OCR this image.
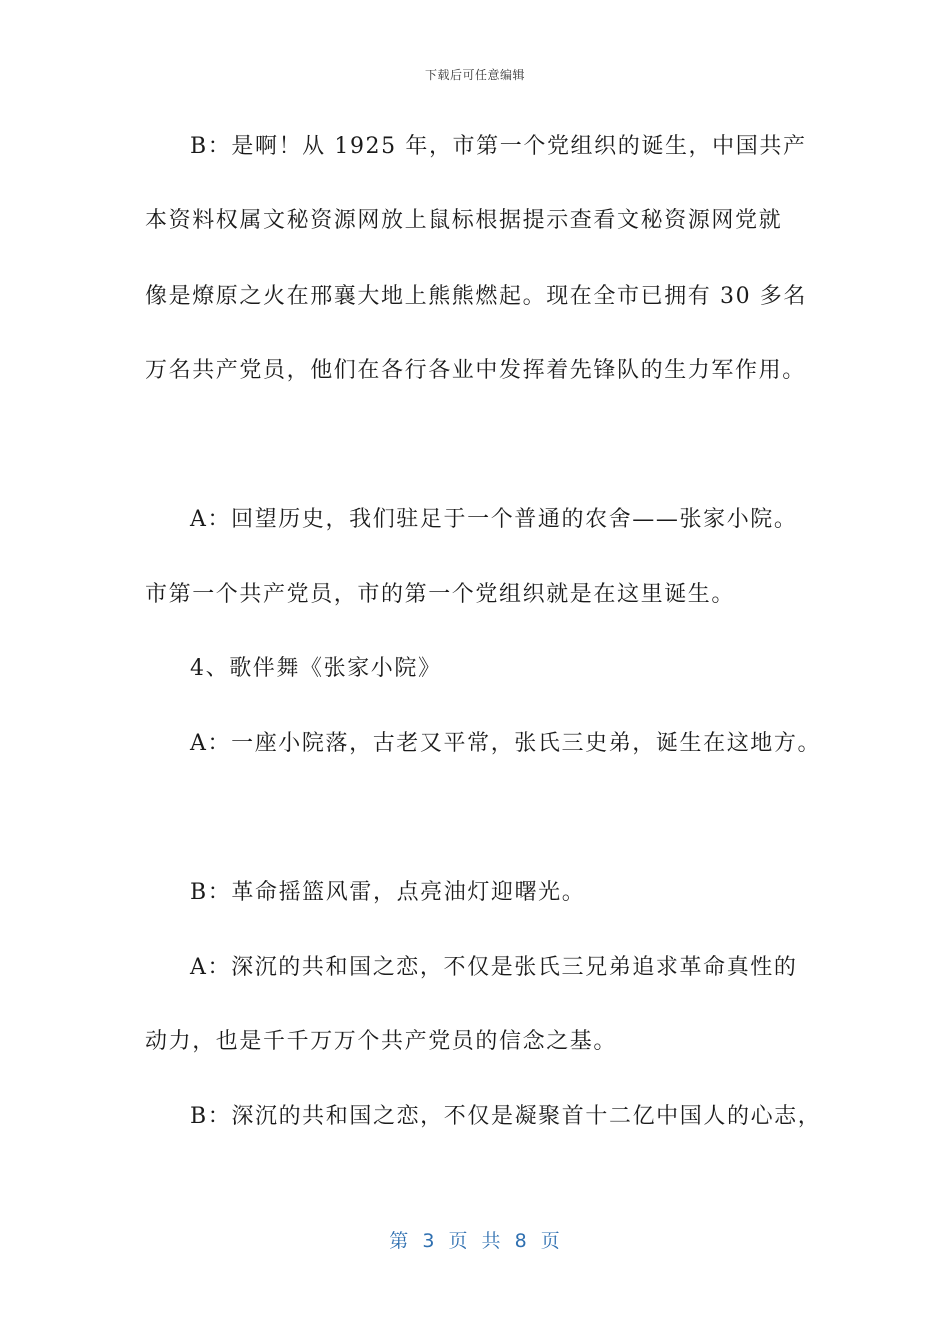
下载后可任意编辑
B：是啊！从 1925 年，市第一个党组织的诞生，中国共产
本资料权属文秘资源网放上鼠标根据提示查看文秘资源网党就
像是燎原之火在邢襄大地上熊熊燃起。现在全市已拥有 30 多名
万名共产党员，他们在各行各业中发挥着先锋队的生力军作用。
A：回望历史，我们驻足于一个普通的农舍——张家小院。
市第一个共产党员，市的第一个党组织就是在这里诞生。
4、歌伴舞《张家小院》
A：一座小院落，古老又平常，张氏三史弟，诞生在这地方。
B：革命摇篮风雷，点亮油灯迎曙光。
A：深沉的共和国之恋，不仅是张氏三兄弟追求革命真性的
动力，也是千千万万个共产党员的信念之基。
B：深沉的共和国之恋，不仅是凝聚首十二亿中国人的心志，
第 3 页 共 8 页
